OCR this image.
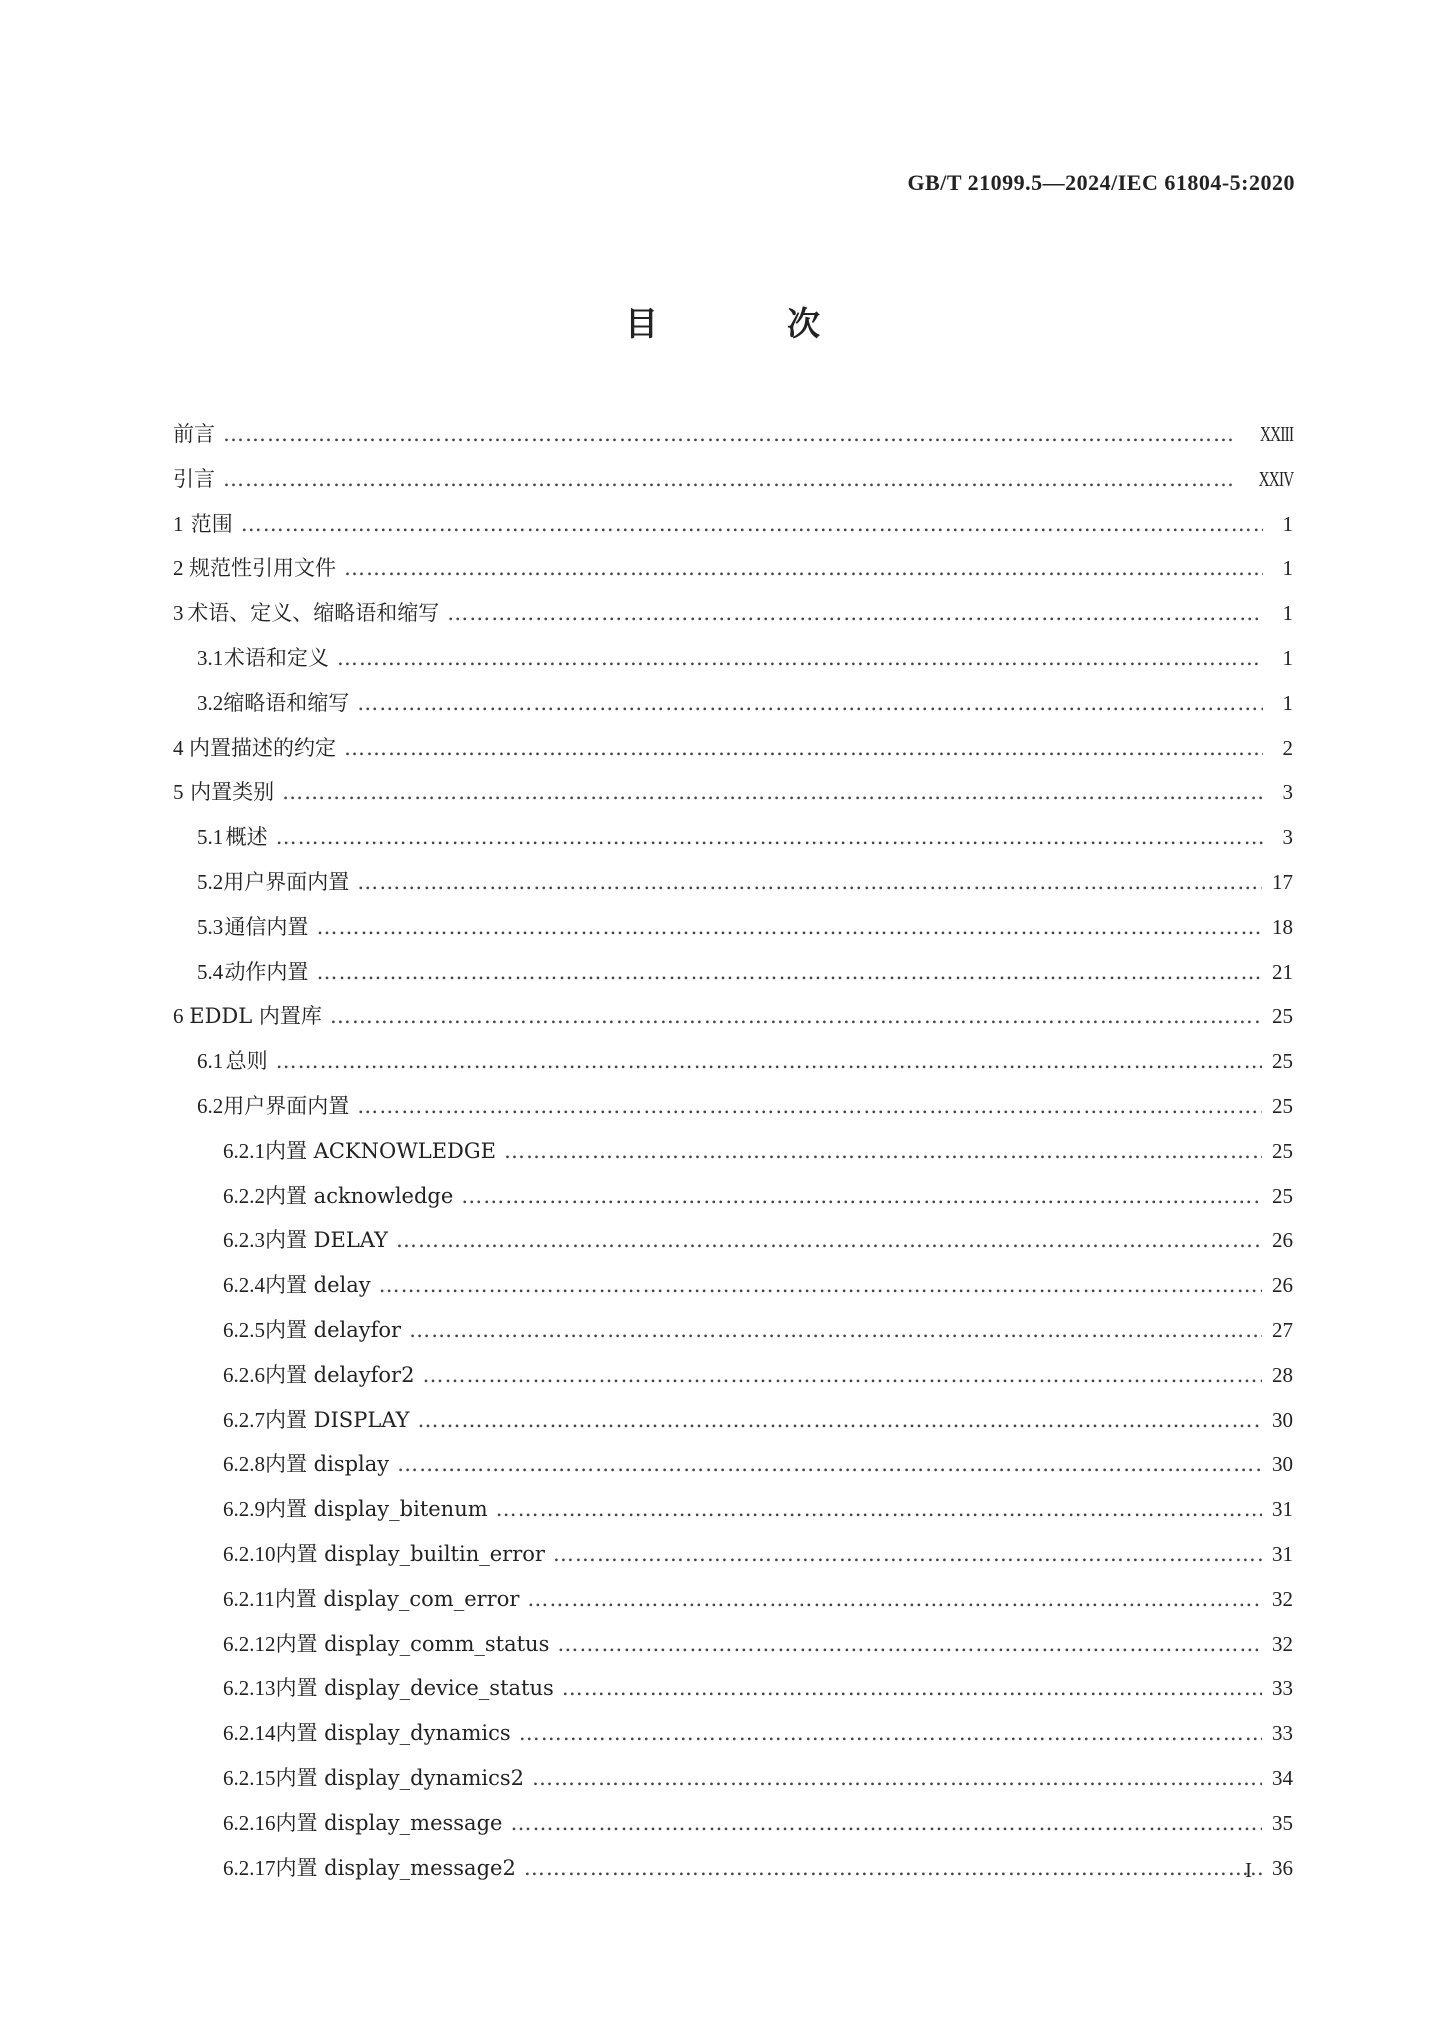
GB/T 21099.5—2024/IEC 61804-5:2020
目　次
前言 …………………………………………………………………………………………………………………………………………………………………………………………………………………………………………………………	XXIII
引言 …………………………………………………………………………………………………………………………………………………………………………………………………………………………………………………………	XXIV
1 范围 …………………………………………………………………………………………………………………………………………………………………………………………………………………………………………………………	1
2 规范性引用文件 …………………………………………………………………………………………………………………………………………………………………………………………………………………………………………………………	1
3 术语、定义、缩略语和缩写 …………………………………………………………………………………………………………………………………………………………………………………………………………………………………………………………	1
3.1 术语和定义 …………………………………………………………………………………………………………………………………………………………………………………………………………………………………………………………	1
3.2 缩略语和缩写 …………………………………………………………………………………………………………………………………………………………………………………………………………………………………………………………	1
4 内置描述的约定 …………………………………………………………………………………………………………………………………………………………………………………………………………………………………………………………	2
5 内置类别 …………………………………………………………………………………………………………………………………………………………………………………………………………………………………………………………	3
5.1 概述 …………………………………………………………………………………………………………………………………………………………………………………………………………………………………………………………	3
5.2 用户界面内置 …………………………………………………………………………………………………………………………………………………………………………………………………………………………………………………………	17
5.3 通信内置 …………………………………………………………………………………………………………………………………………………………………………………………………………………………………………………………	18
5.4 动作内置 …………………………………………………………………………………………………………………………………………………………………………………………………………………………………………………………	21
6 EDDL 内置库 …………………………………………………………………………………………………………………………………………………………………………………………………………………………………………………………	25
6.1 总则 …………………………………………………………………………………………………………………………………………………………………………………………………………………………………………………………	25
6.2 用户界面内置 …………………………………………………………………………………………………………………………………………………………………………………………………………………………………………………………	25
6.2.1 内置 ACKNOWLEDGE …………………………………………………………………………………………………………………………………………………………………………………………………………………………………………………………	25
6.2.2 内置 acknowledge …………………………………………………………………………………………………………………………………………………………………………………………………………………………………………………………	25
6.2.3 内置 DELAY …………………………………………………………………………………………………………………………………………………………………………………………………………………………………………………………	26
6.2.4 内置 delay …………………………………………………………………………………………………………………………………………………………………………………………………………………………………………………………	26
6.2.5 内置 delayfor …………………………………………………………………………………………………………………………………………………………………………………………………………………………………………………………	27
6.2.6 内置 delayfor2 …………………………………………………………………………………………………………………………………………………………………………………………………………………………………………………………	28
6.2.7 内置 DISPLAY …………………………………………………………………………………………………………………………………………………………………………………………………………………………………………………………	30
6.2.8 内置 display …………………………………………………………………………………………………………………………………………………………………………………………………………………………………………………………	30
6.2.9 内置 display_bitenum …………………………………………………………………………………………………………………………………………………………………………………………………………………………………………………………	31
6.2.10 内置 display_builtin_error …………………………………………………………………………………………………………………………………………………………………………………………………………………………………………………………	31
6.2.11 内置 display_com_error …………………………………………………………………………………………………………………………………………………………………………………………………………………………………………………………	32
6.2.12 内置 display_comm_status …………………………………………………………………………………………………………………………………………………………………………………………………………………………………………………………	32
6.2.13 内置 display_device_status …………………………………………………………………………………………………………………………………………………………………………………………………………………………………………………………	33
6.2.14 内置 display_dynamics …………………………………………………………………………………………………………………………………………………………………………………………………………………………………………………………	33
6.2.15 内置 display_dynamics2 …………………………………………………………………………………………………………………………………………………………………………………………………………………………………………………………	34
6.2.16 内置 display_message …………………………………………………………………………………………………………………………………………………………………………………………………………………………………………………………	35
6.2.17 内置 display_message2 …………………………………………………………………………………………………………………………………………………………………………………………………………………………………………………………	36
I
